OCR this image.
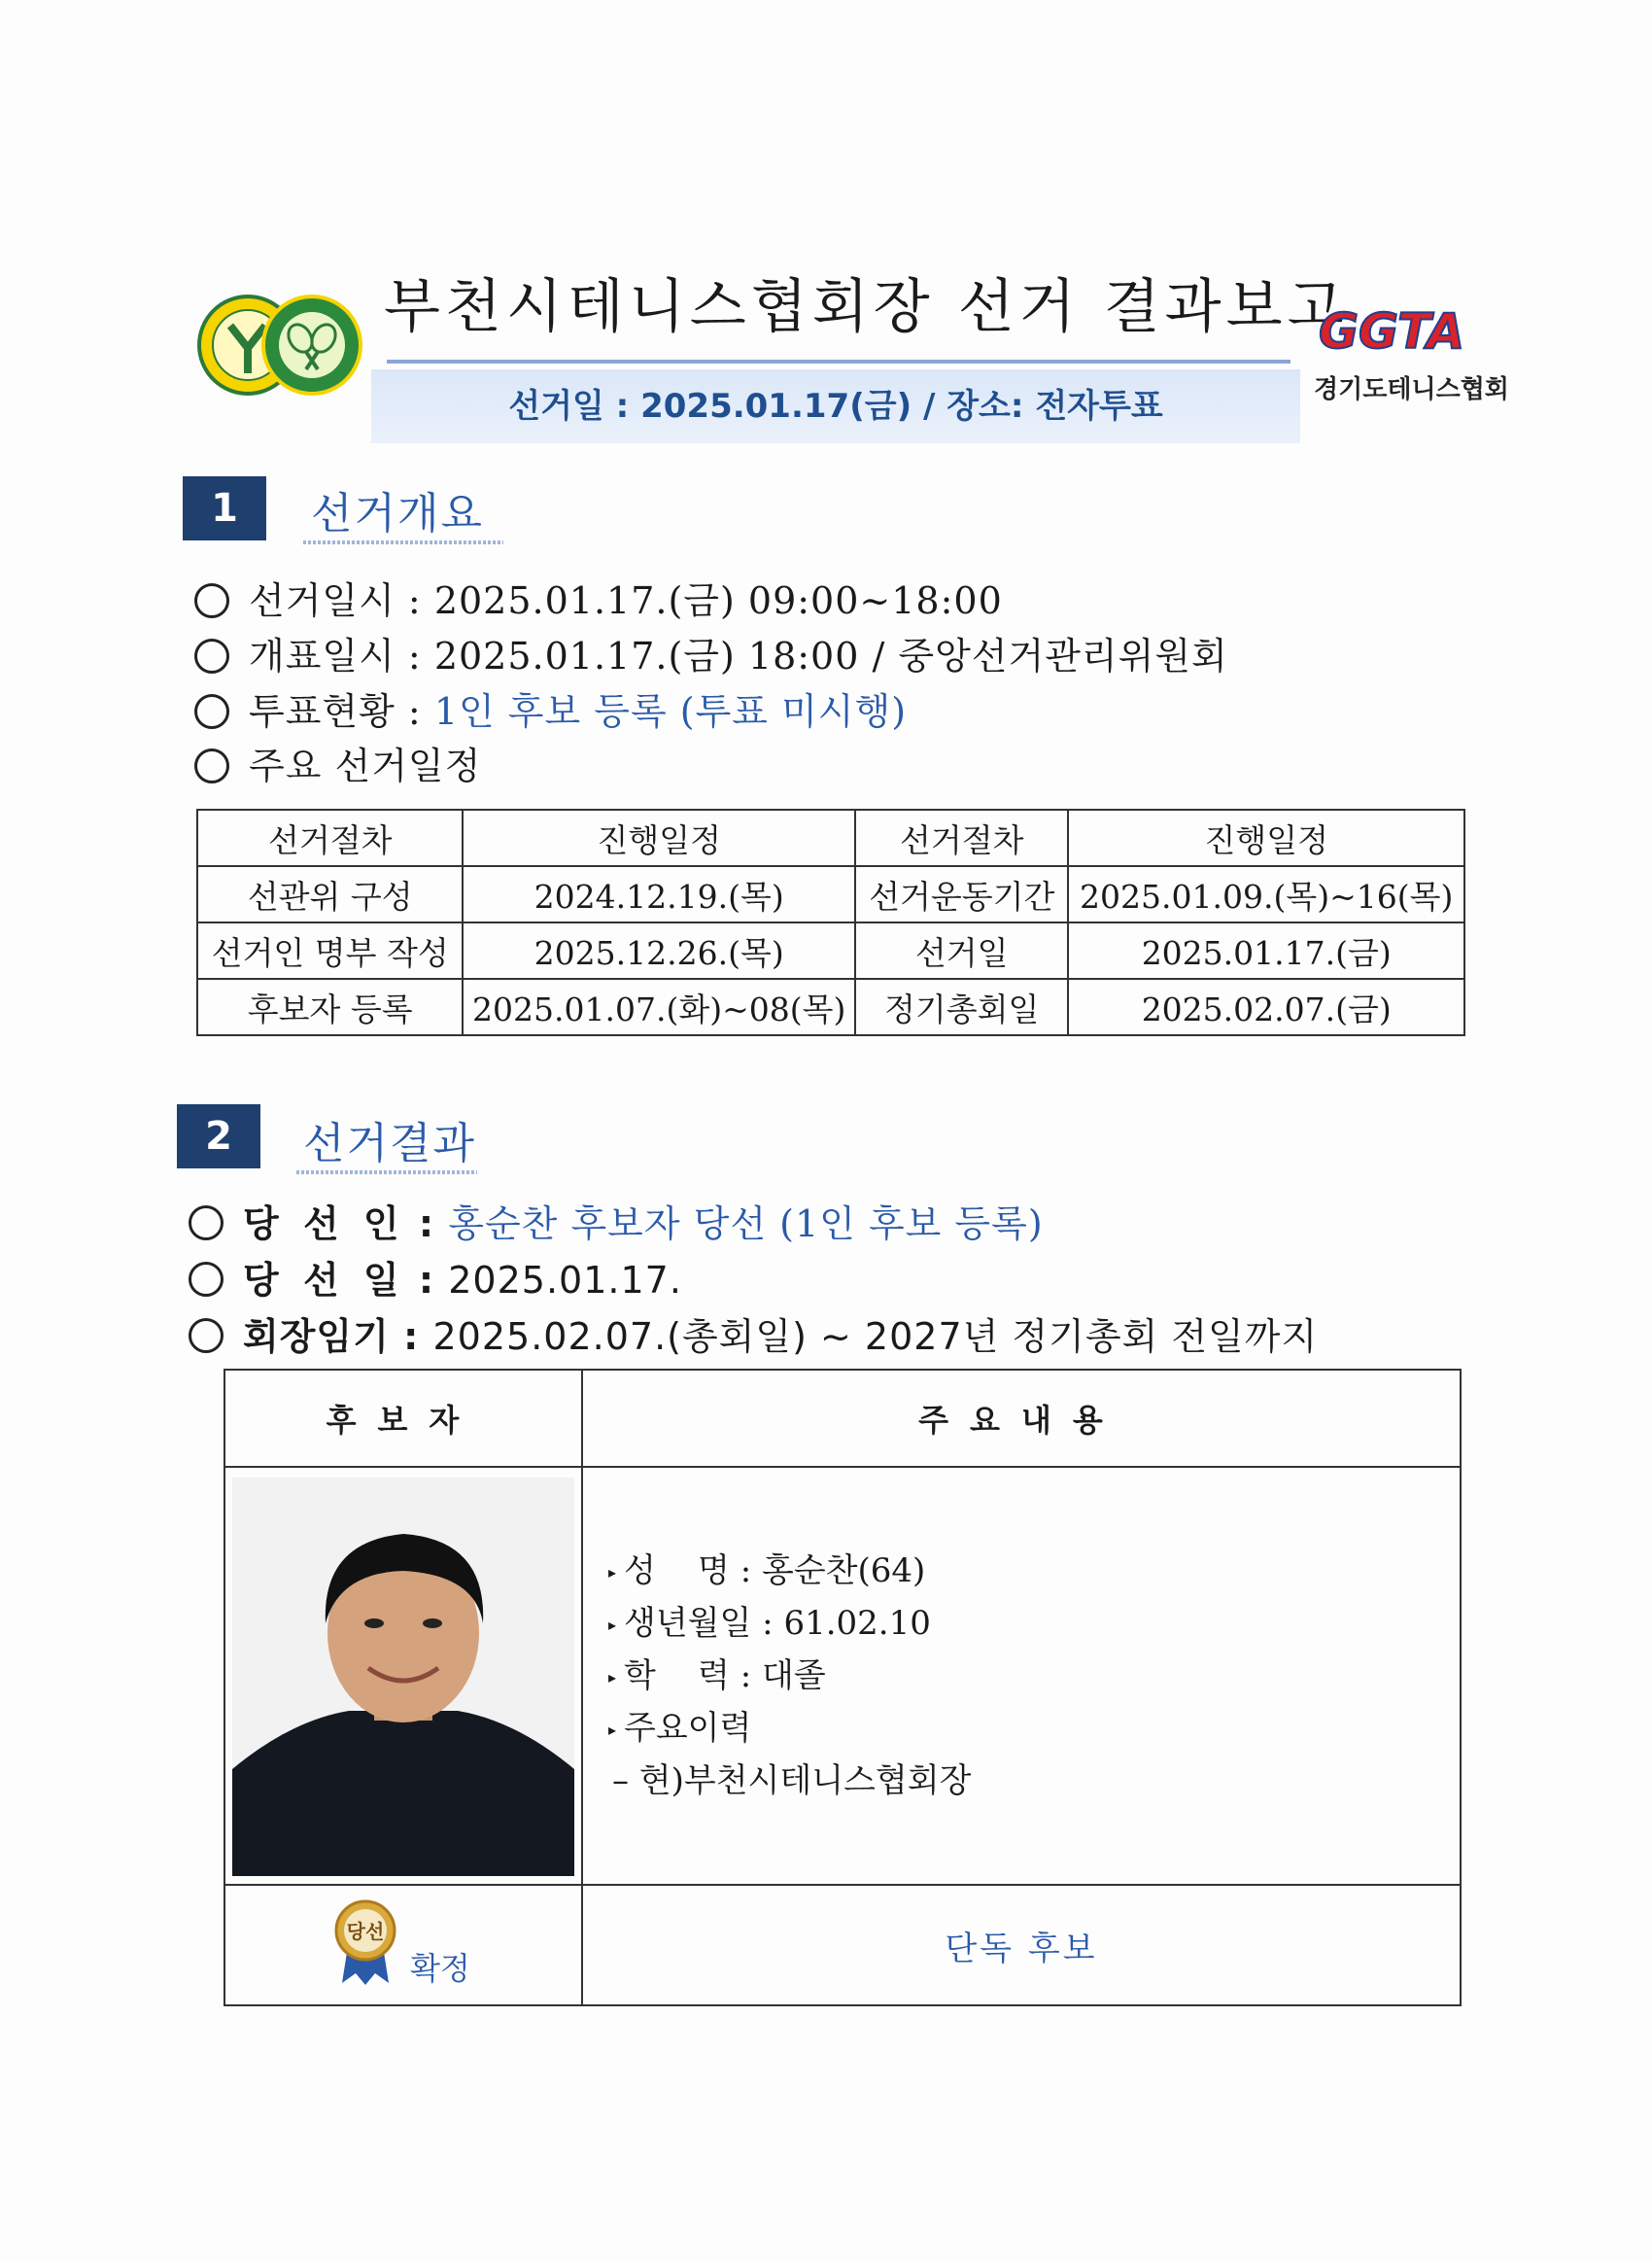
부천시테니스협회장 선거 결과보고
선거일 : 2025.01.17(금) / 장소: 전자투표
GGTA
경기도테니스협회
1	선거개요
선거일시 : 2025.01.17.(금) 09:00~18:00
개표일시 : 2025.01.17.(금) 18:00 / 중앙선거관리위원회
투표현황 : 1인 후보 등록 (투표 미시행)
주요 선거일정
선거절차	진행일정	선거절차	진행일정
선관위 구성	2024.12.19.(목)	선거운동기간	2025.01.09.(목)~16(목)
선거인 명부 작성	2025.12.26.(목)	선거일	2025.01.17.(금)
후보자 등록	2025.01.07.(화)~08(목)	정기총회일	2025.02.07.(금)
2	선거결과
당 선 인 : 홍순찬 후보자 당선 (1인 후보 등록)
당 선 일 : 2025.01.17.
회장임기 : 2025.02.07.(총회일) ~ 2027년 정기총회 전일까지
후보자	주요내용

▸ 성    명 : 홍순찬(64)
▸ 생년월일 : 61.02.10
▸ 학    력 : 대졸
▸ 주요이력
– 현)부천시테니스협회장

당선
확정	단독 후보
